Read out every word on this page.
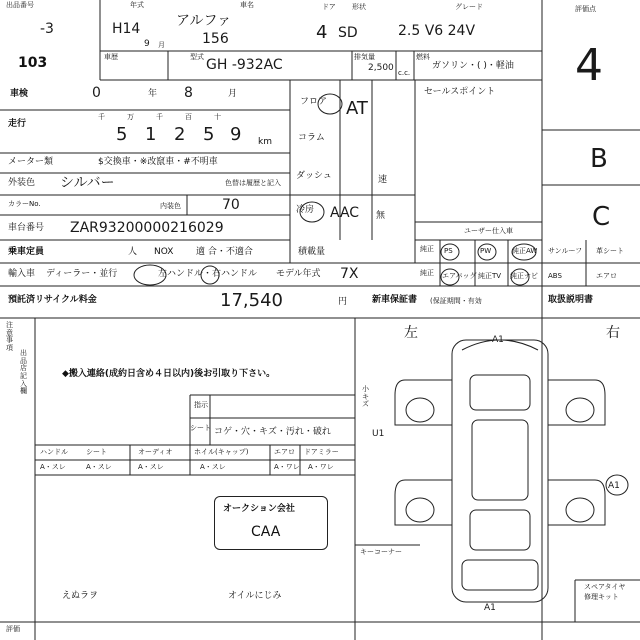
出品番号
-3
103
年式
H14
9 月
車名
アルファ
156
ドア
4
形状
SD
グレード
2.5 V6 24V
評価点
4
車歴	型式 GH -932AC	排気量
2,500 c.c.
燃料
ガソリン・( )・軽油
車検	0	年 8	月
走行
千	万	千	百	十
5 1 2 5 9 km
メーター類	$交換車・※改竄車・#不明車
外装色 シルバー	色替は履歴と記入
カラーNo.	内装色	70
車台番号 ZAR93200000216029
乗車定員	人 NOX	適 合・不適合	積載量
輸入車 ディーラー・並行	左ハンドル・右ハンドル モデル年式 7X
預託済リサイクル料金	17,540	円
フロア
コラム
ダッシュ
AT
速
冷房 AAC 無
セールスポイント
ユーザー仕入車
純正 PS	PW	純正AW サンルーフ 革シート
純正 エアバッグ 純正TV 純正ナビ ABS	エアロ
新車保証書 (保証期間・有効	取扱説明書
B
C
注意事項
出品店記入欄
◆搬入連絡(成約日含め４日以内)後お引取り下さい。
えぬラヲ	オイルにじみ
指示
シート コゲ・穴・キズ・汚れ・破れ
ハンドル	シート	オーディオ	ホイル(キャップ)	エアロ ドアミラー
A・スレ	A・スレ	A・スレ	A・スレ	A・ワレ A・ワレ
オークション会社
CAA
左	右
A1
A1
U1
A1
小キズ
スペアタイヤ
修理キット
キーコーナー
評価
